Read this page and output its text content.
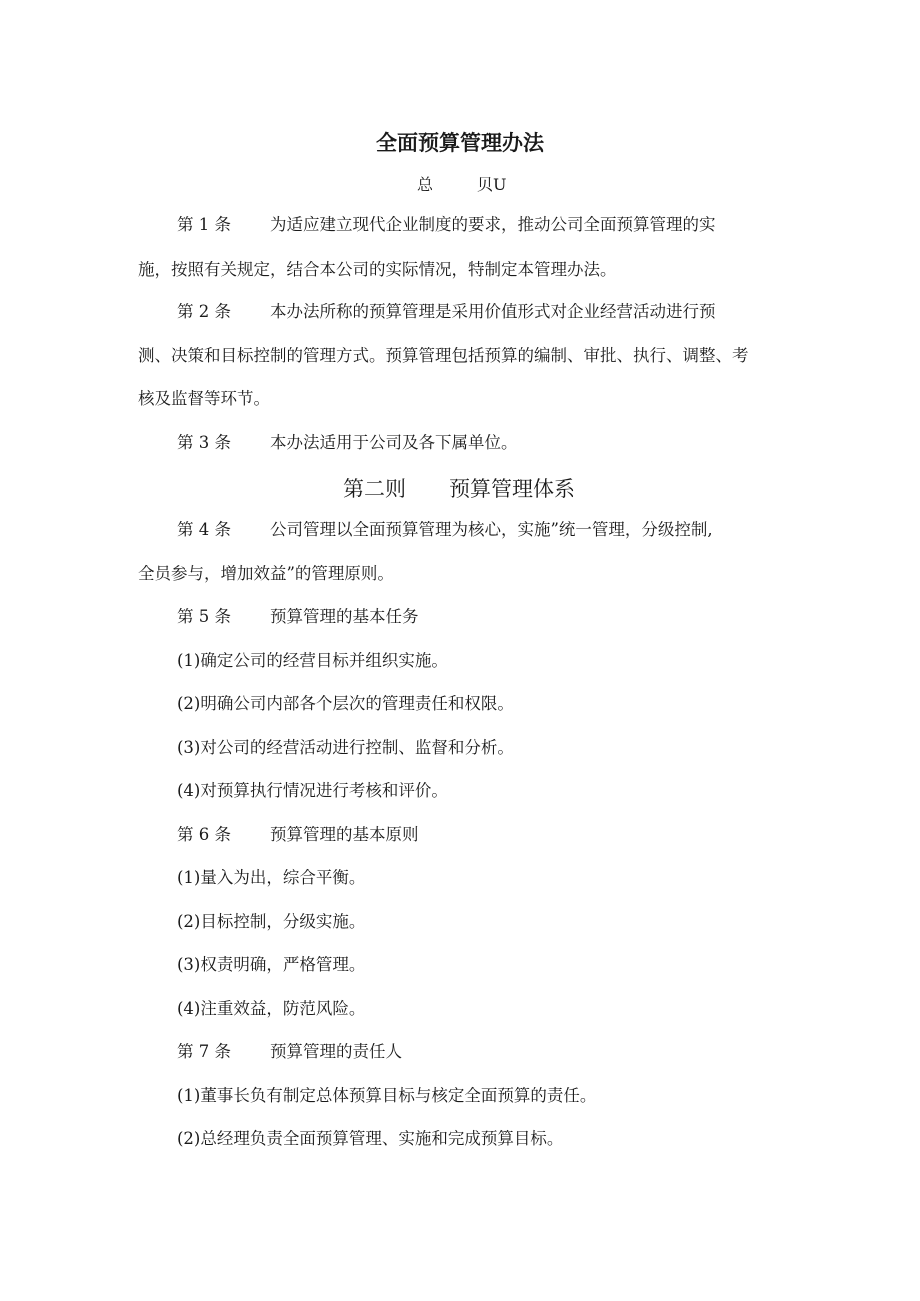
全面预算管理办法
总	贝U
第 1 条 为适应建立现代企业制度的要求，推动公司全面预算管理的实
施，按照有关规定，结合本公司的实际情况，特制定本管理办法。
第 2 条 本办法所称的预算管理是采用价值形式对企业经营活动进行预
测、决策和目标控制的管理方式。预算管理包括预算的编制、审批、执行、调整、考
核及监督等环节。
第 3 条 本办法适用于公司及各下属单位。
第二则 预算管理体系
第 4 条 公司管理以全面预算管理为核心，实施”统一管理，分级控制,
全员参与，增加效益”的管理原则。
第 5 条 预算管理的基本任务
(1)确定公司的经营目标并组织实施。
(2)明确公司内部各个层次的管理责任和权限。
(3)对公司的经营活动进行控制、监督和分析。
(4)对预算执行情况进行考核和评价。
第 6 条 预算管理的基本原则
(1)量入为出，综合平衡。
(2)目标控制，分级实施。
(3)权责明确，严格管理。
(4)注重效益，防范风险。
第 7 条 预算管理的责任人
(1)董事长负有制定总体预算目标与核定全面预算的责任。
(2)总经理负责全面预算管理、实施和完成预算目标。
